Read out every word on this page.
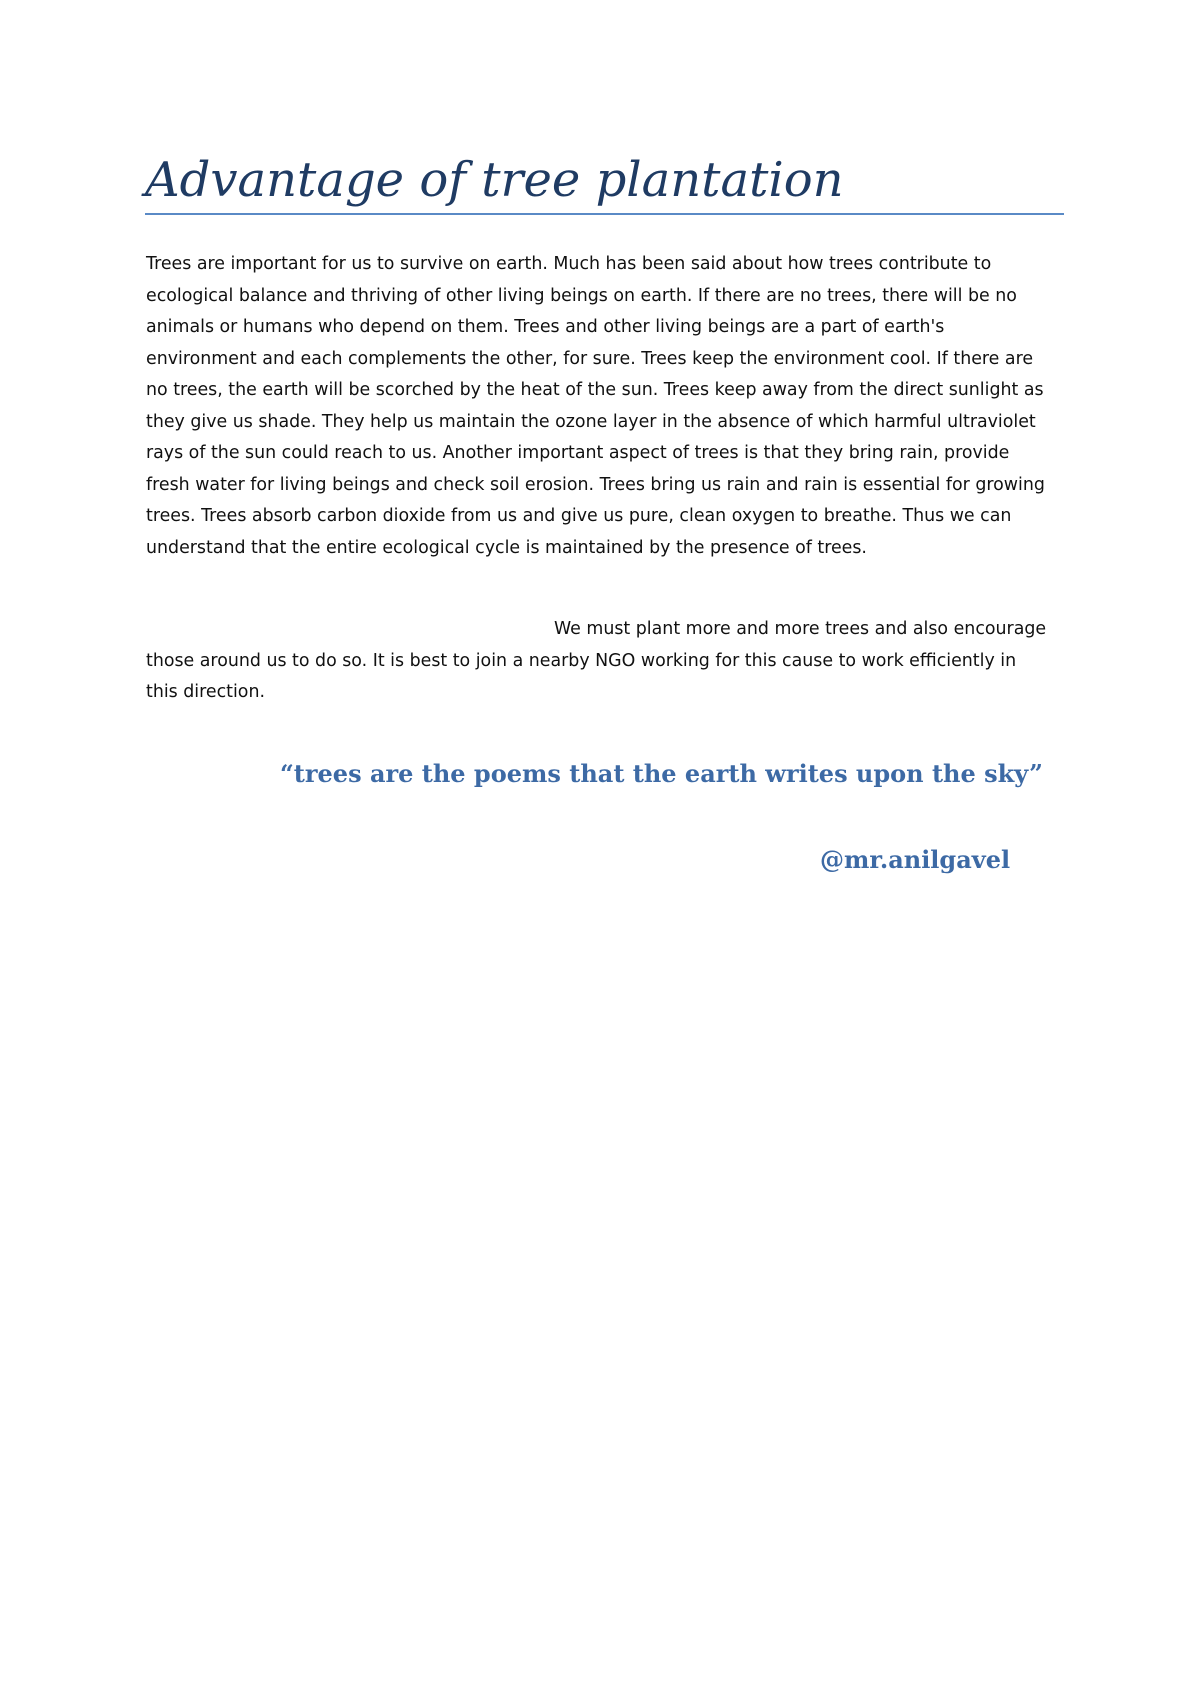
Advantage of tree plantation

Trees are important for us to survive on earth. Much has been said about how trees contribute to ecological balance and thriving of other living beings on earth. If there are no trees, there will be no animals or humans who depend on them. Trees and other living beings are a part of earth's environment and each complements the other, for sure. Trees keep the environment cool. If there are no trees, the earth will be scorched by the heat of the sun. Trees keep away from the direct sunlight as they give us shade. They help us maintain the ozone layer in the absence of which harmful ultraviolet rays of the sun could reach to us. Another important aspect of trees is that they bring rain, provide fresh water for living beings and check soil erosion. Trees bring us rain and rain is essential for growing trees. Trees absorb carbon dioxide from us and give us pure, clean oxygen to breathe. Thus we can understand that the entire ecological cycle is maintained by the presence of trees.

We must plant more and more trees and also encourage those around us to do so. It is best to join a nearby NGO working for this cause to work efficiently in this direction.

“trees are the poems that the earth writes upon the sky”

@mr.anilgavel
